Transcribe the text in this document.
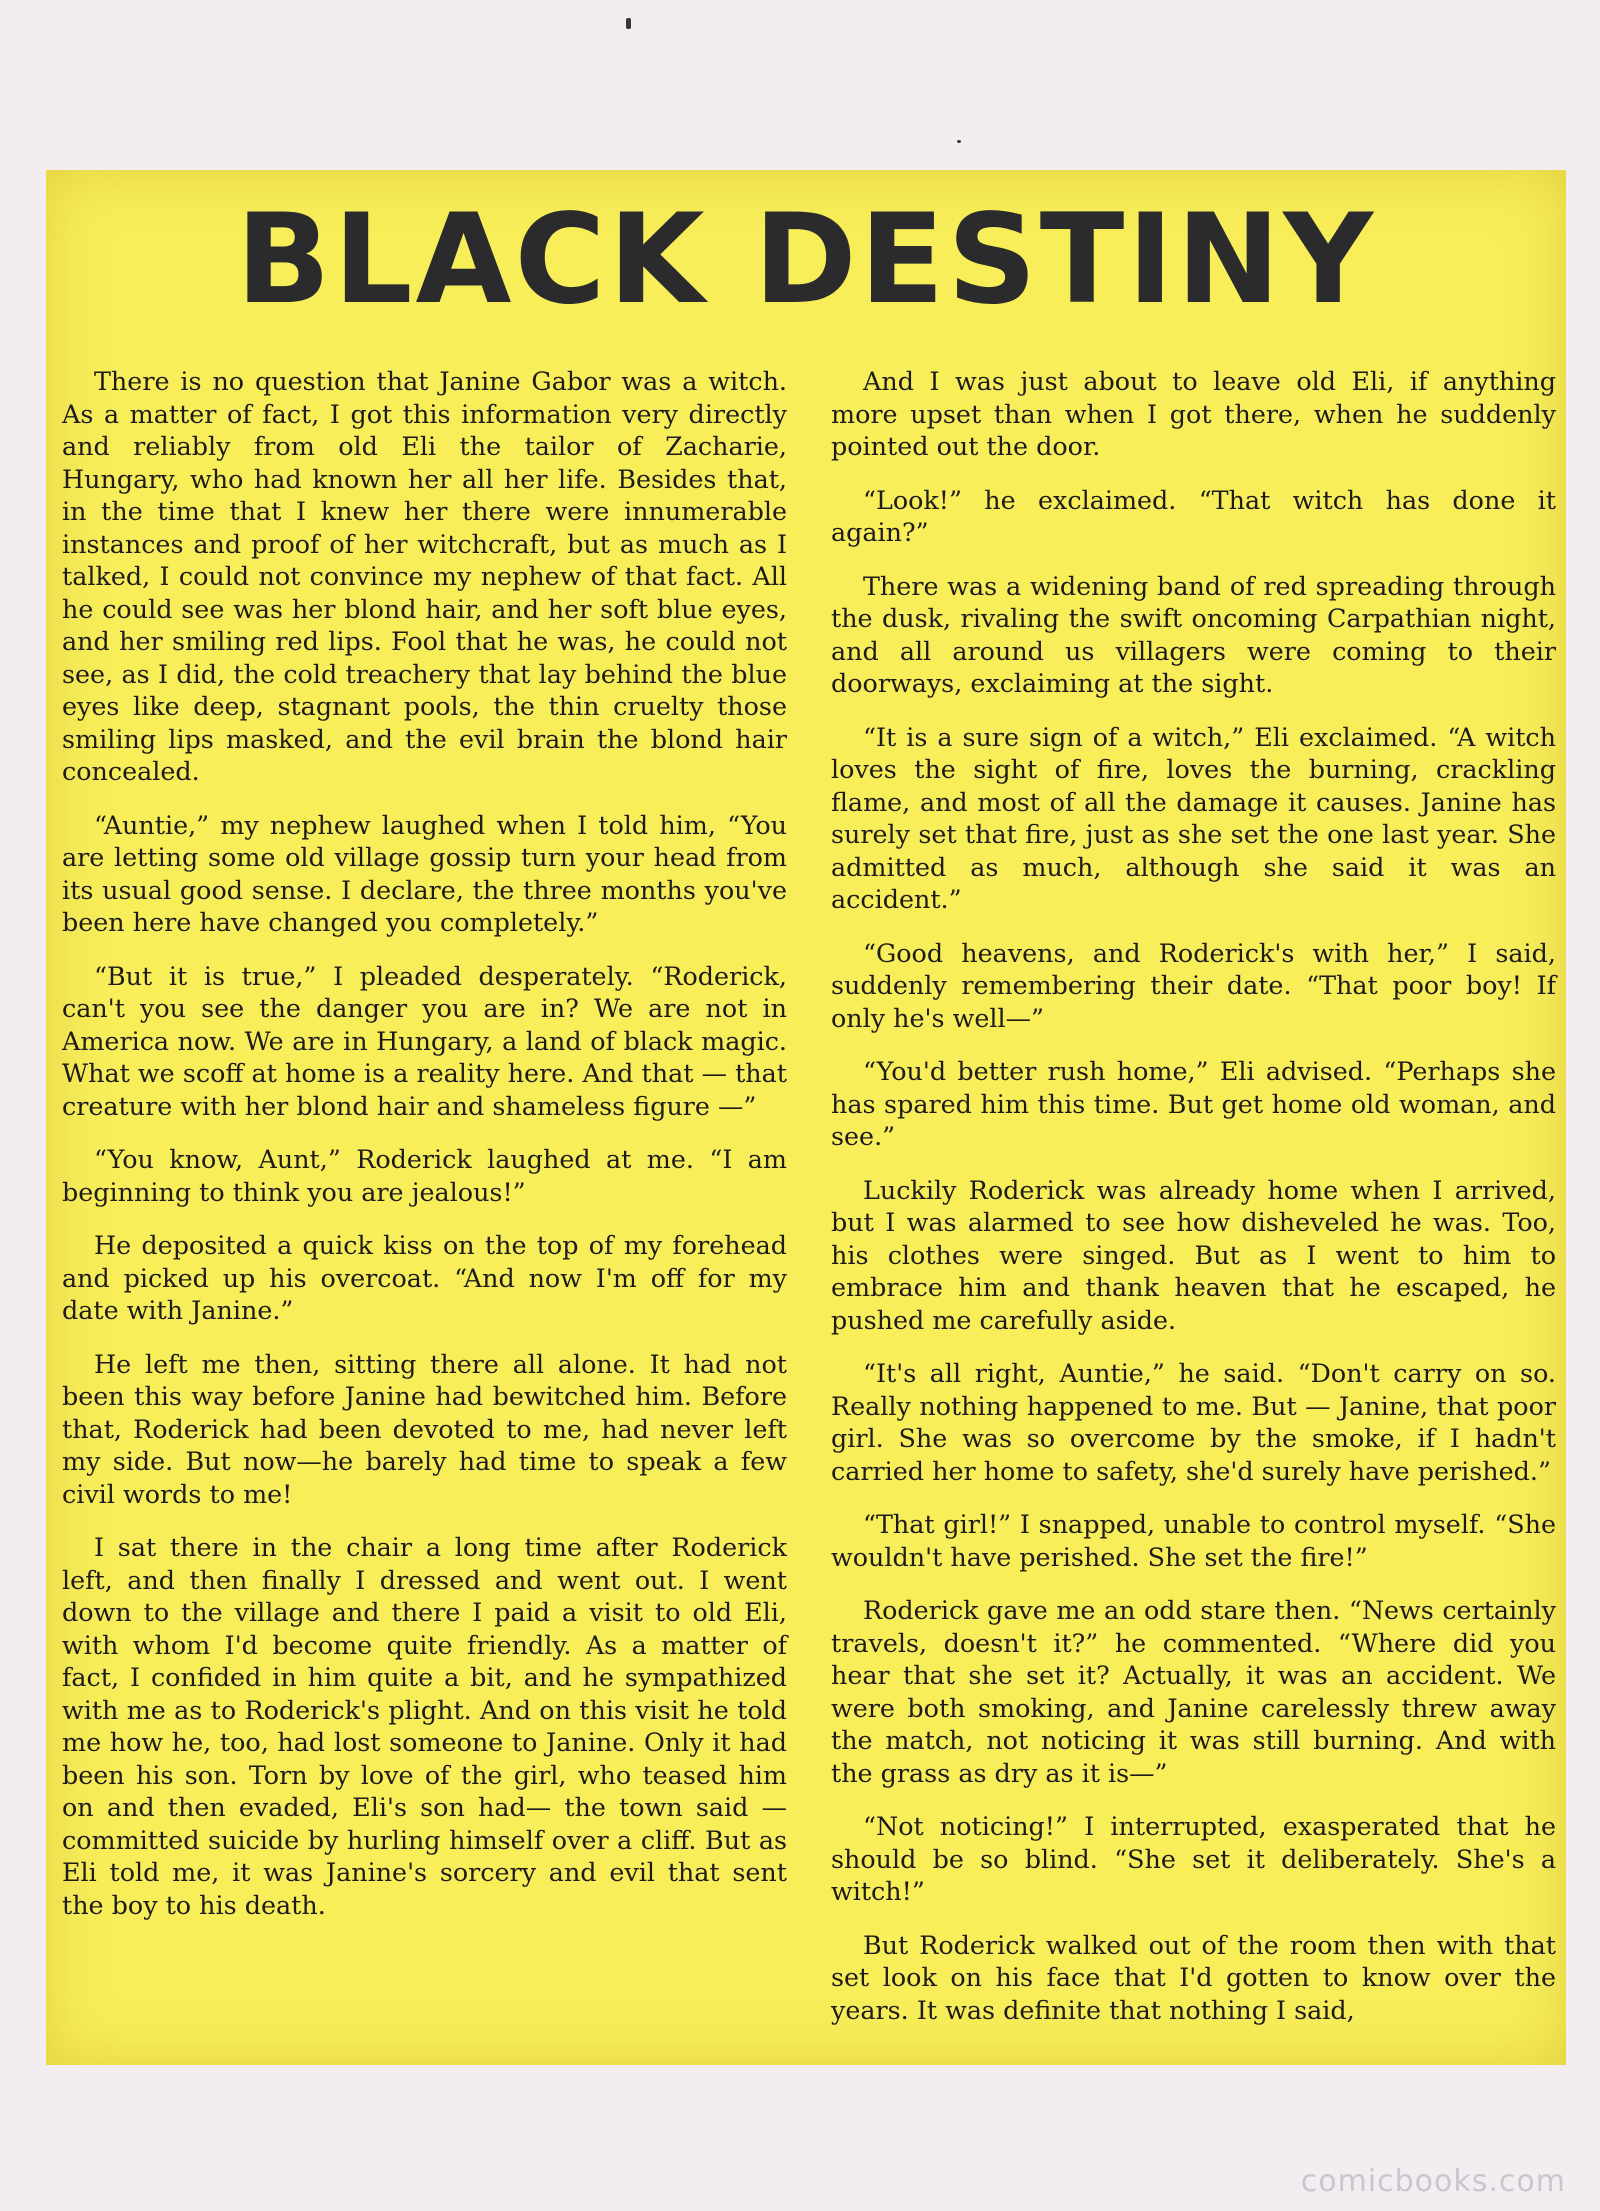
BLACK DESTINY

There is no question that Janine Gabor was a witch. As a matter of fact, I got this information very directly and reliably from old Eli the tailor of Zacharie, Hungary, who had known her all her life. Besides that, in the time that I knew her there were innumerable instances and proof of her witchcraft, but as much as I talked, I could not convince my nephew of that fact. All he could see was her blond hair, and her soft blue eyes, and her smiling red lips. Fool that he was, he could not see, as I did, the cold treachery that lay behind the blue eyes like deep, stagnant pools, the thin cruelty those smiling lips masked, and the evil brain the blond hair concealed.

“Auntie,” my nephew laughed when I told him, “You are letting some old village gossip turn your head from its usual good sense. I declare, the three months you've been here have changed you completely.”

“But it is true,” I pleaded desperately. “Roderick, can't you see the danger you are in? We are not in America now. We are in Hungary, a land of black magic. What we scoff at home is a reality here. And that — that creature with her blond hair and shameless figure —”

“You know, Aunt,” Roderick laughed at me. “I am beginning to think you are jealous!”

He deposited a quick kiss on the top of my forehead and picked up his overcoat. “And now I'm off for my date with Janine.”

He left me then, sitting there all alone. It had not been this way before Janine had bewitched him. Before that, Roderick had been devoted to me, had never left my side. But now—he barely had time to speak a few civil words to me!

I sat there in the chair a long time after Roderick left, and then finally I dressed and went out. I went down to the village and there I paid a visit to old Eli, with whom I'd become quite friendly. As a matter of fact, I confided in him quite a bit, and he sympathized with me as to Roderick's plight. And on this visit he told me how he, too, had lost someone to Janine. Only it had been his son. Torn by love of the girl, who teased him on and then evaded, Eli's son had— the town said — committed suicide by hurling himself over a cliff. But as Eli told me, it was Janine's sorcery and evil that sent the boy to his death.

And I was just about to leave old Eli, if anything more upset than when I got there, when he suddenly pointed out the door.

“Look!” he exclaimed. “That witch has done it again?”

There was a widening band of red spreading through the dusk, rivaling the swift oncoming Carpathian night, and all around us villagers were coming to their doorways, exclaiming at the sight.

“It is a sure sign of a witch,” Eli exclaimed. “A witch loves the sight of fire, loves the burning, crackling flame, and most of all the damage it causes. Janine has surely set that fire, just as she set the one last year. She admitted as much, although she said it was an accident.”

“Good heavens, and Roderick's with her,” I said, suddenly remembering their date. “That poor boy! If only he's well—”

“You'd better rush home,” Eli advised. “Perhaps she has spared him this time. But get home old woman, and see.”

Luckily Roderick was already home when I arrived, but I was alarmed to see how disheveled he was. Too, his clothes were singed. But as I went to him to embrace him and thank heaven that he escaped, he pushed me carefully aside.

“It's all right, Auntie,” he said. “Don't carry on so. Really nothing happened to me. But — Janine, that poor girl. She was so overcome by the smoke, if I hadn't carried her home to safety, she'd surely have perished.”

“That girl!” I snapped, unable to control myself. “She wouldn't have perished. She set the fire!”

Roderick gave me an odd stare then. “News certainly travels, doesn't it?” he commented. “Where did you hear that she set it? Actually, it was an accident. We were both smoking, and Janine carelessly threw away the match, not noticing it was still burning. And with the grass as dry as it is—”

“Not noticing!” I interrupted, exasperated that he should be so blind. “She set it deliberately. She's a witch!”

But Roderick walked out of the room then with that set look on his face that I'd gotten to know over the years. It was definite that nothing I said,

comicbooks.com
